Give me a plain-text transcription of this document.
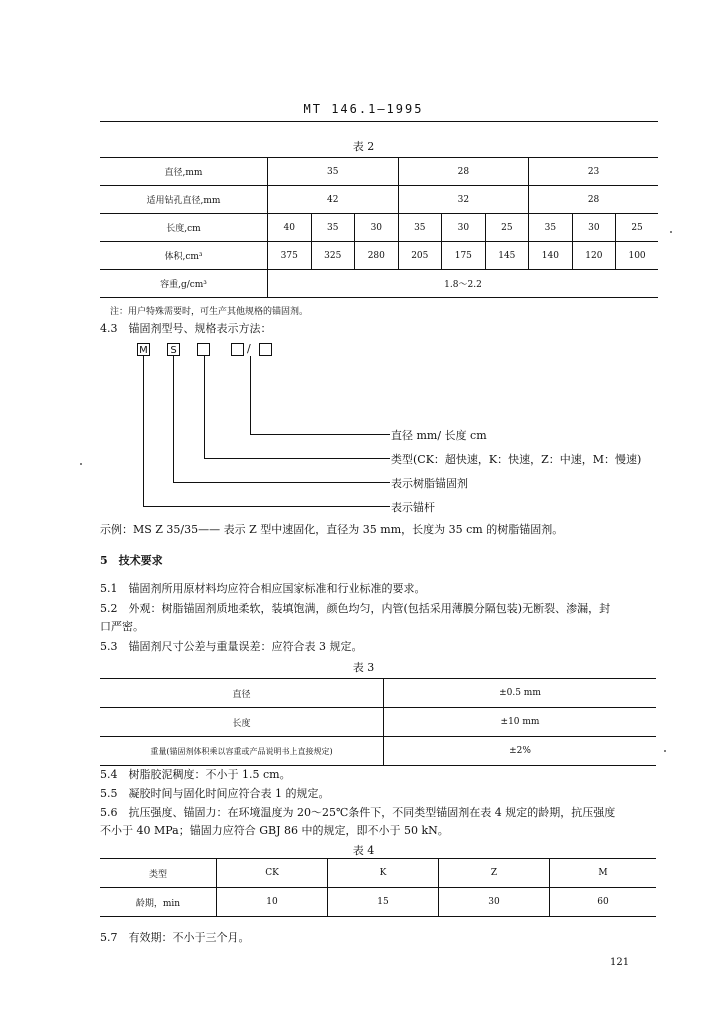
MT 146.1—1995
表 2
直径,mm	35			28			23		
适用钻孔直径,mm	42			32			28		
长度,cm	40	35	30	35	30	25	35	30	25
体积,cm³	375	325	280	205	175	145	140	120	100
容重,g/cm³	1.8～2.2								
注：用户特殊需要时，可生产其他规格的锚固剂。
4.3　锚固剂型号、规格表示方法：
M	S	/
直径 mm/ 长度 cm
类型(CK：超快速，K：快速，Z：中速，M：慢速)
表示树脂锚固剂
表示锚杆
示例：MS Z 35/35—— 表示 Z 型中速固化，直径为 35 mm，长度为 35 cm 的树脂锚固剂。
5　技术要求
5.1　锚固剂所用原材料均应符合相应国家标准和行业标准的要求。
5.2　外观：树脂锚固剂质地柔软，装填饱满，颜色均匀，内管(包括采用薄膜分隔包装)无断裂、渗漏，封
口严密。
5.3　锚固剂尺寸公差与重量误差：应符合表 3 规定。
表 3
直径	±0.5 mm
长度	±10 mm
重量(锚固剂体积乘以容重或产品说明书上直接规定)	±2%
5.4　树脂胶泥稠度：不小于 1.5 cm。
5.5　凝胶时间与固化时间应符合表 1 的规定。
5.6　抗压强度、锚固力：在环境温度为 20～25℃条件下，不同类型锚固剂在表 4 规定的龄期，抗压强度
不小于 40 MPa；锚固力应符合 GBJ 86 中的规定，即不小于 50 kN。
表 4
类型	CK	K	Z	M
龄期，min	10	15	30	60
5.7　有效期：不小于三个月。
121
